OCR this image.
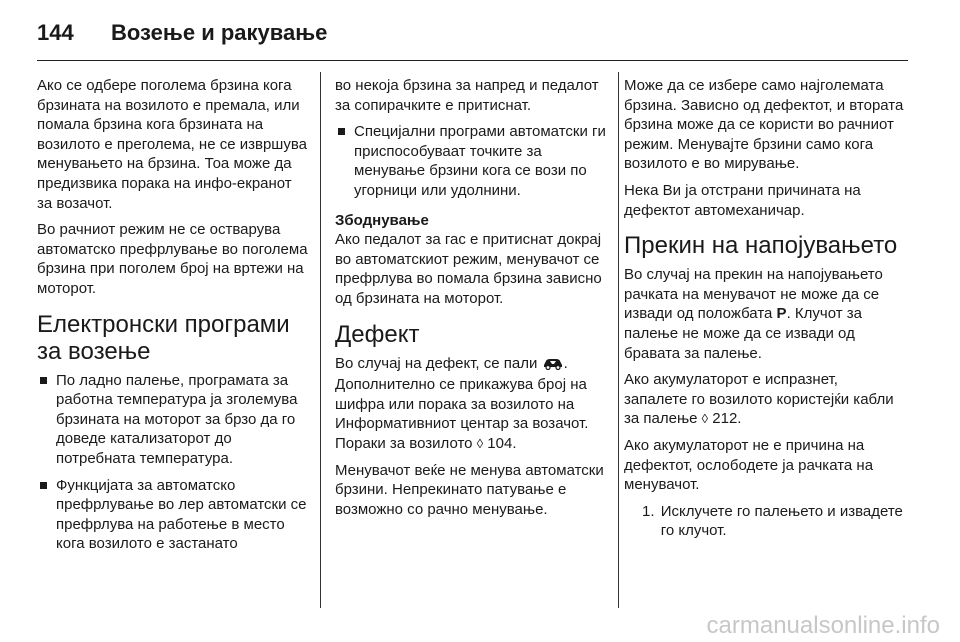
144 Возење и ракување

Ако се одбере поголема брзина кога брзината на возилото е премала, или помала брзина кога брзината на возилото е преголема, не се извршува менувањето на брзина. Тоа може да предизвика порака на инфо-екранот за возачот.

Во рачниот режим не се остварува автоматско префрлување во поголема брзина при поголем број на вртежи на моторот.

Електронски програми за возење
По ладно палење, програмата за работна температура ја зголемува брзината на моторот за брзо да го доведе катализаторот до потребната температура.
Функцијата за автоматско префрлување во лер автоматски се префрлува на работење в место кога возилото е застанато

во некоја брзина за напред и педалот за сопирачките е притиснат.

Специјални програми автоматски ги приспособуваат точките за менување брзини кога се вози по угорници или удолнини.
Збоднување

Ако педалот за гас е притиснат докрај во автоматскиот режим, менувачот се префрлува во помала брзина зависно од брзината на моторот.

Дефект

Во случај на дефект, се пали . Дополнително се прикажува број на шифра или порака за возилото на Информативниот центар за возачот. Пораки за возилото ◊ 104.

Менувачот веќе не менува автоматски брзини. Непрекинато патување е возможно со рачно менување.

Може да се избере само најголемата брзина. Зависно од дефектот, и втората брзина може да се користи во рачниот режим. Менувајте брзини само кога возилото е во мирување.

Нека Ви ја отстрани причината на дефектот автомеханичар.

Прекин на напојувањето

Во случај на прекин на напојувањето рачката на менувачот не може да се извади од положбата P. Клучот за палење не може да се извади од бравата за палење.

Ако акумулаторот е испразнет, запалете го возилото користејќи кабли за палење ◊ 212.

Ако акумулаторот не е причина на дефектот, ослободете ја рачката на менувачот.

1. Исклучете го палењето и извадете го клучот.
carmanualsonline.info
